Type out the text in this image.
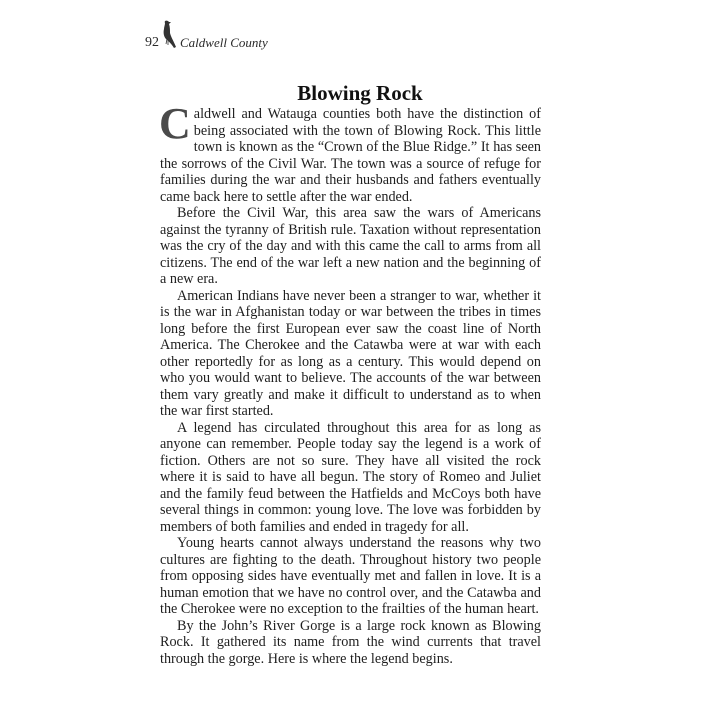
92 Caldwell County
Blowing Rock

Caldwell and Watauga counties both have the distinction of being associated with the town of Blowing Rock. This little town is known as the “Crown of the Blue Ridge.” It has seen the sorrows of the Civil War. The town was a source of refuge for families during the war and their husbands and fathers eventually came back here to settle after the war ended.

Before the Civil War, this area saw the wars of Americans against the tyranny of British rule. Taxation without representation was the cry of the day and with this came the call to arms from all citizens. The end of the war left a new nation and the beginning of a new era.

American Indians have never been a stranger to war, whether it is the war in Afghanistan today or war between the tribes in times long before the first European ever saw the coast line of North America. The Cherokee and the Catawba were at war with each other reportedly for as long as a century. This would depend on who you would want to believe. The accounts of the war between them vary greatly and make it difficult to understand as to when the war first started.

A legend has circulated throughout this area for as long as anyone can remember. People today say the legend is a work of fiction. Others are not so sure. They have all visited the rock where it is said to have all begun. The story of Romeo and Juliet and the family feud between the Hatfields and McCoys both have several things in common: young love. The love was forbidden by members of both families and ended in tragedy for all.

Young hearts cannot always understand the reasons why two cultures are fighting to the death. Throughout history two people from opposing sides have eventually met and fallen in love. It is a human emotion that we have no control over, and the Catawba and the Cherokee were no exception to the frailties of the human heart.

By the John’s River Gorge is a large rock known as Blowing Rock. It gathered its name from the wind currents that travel through the gorge. Here is where the legend begins.
